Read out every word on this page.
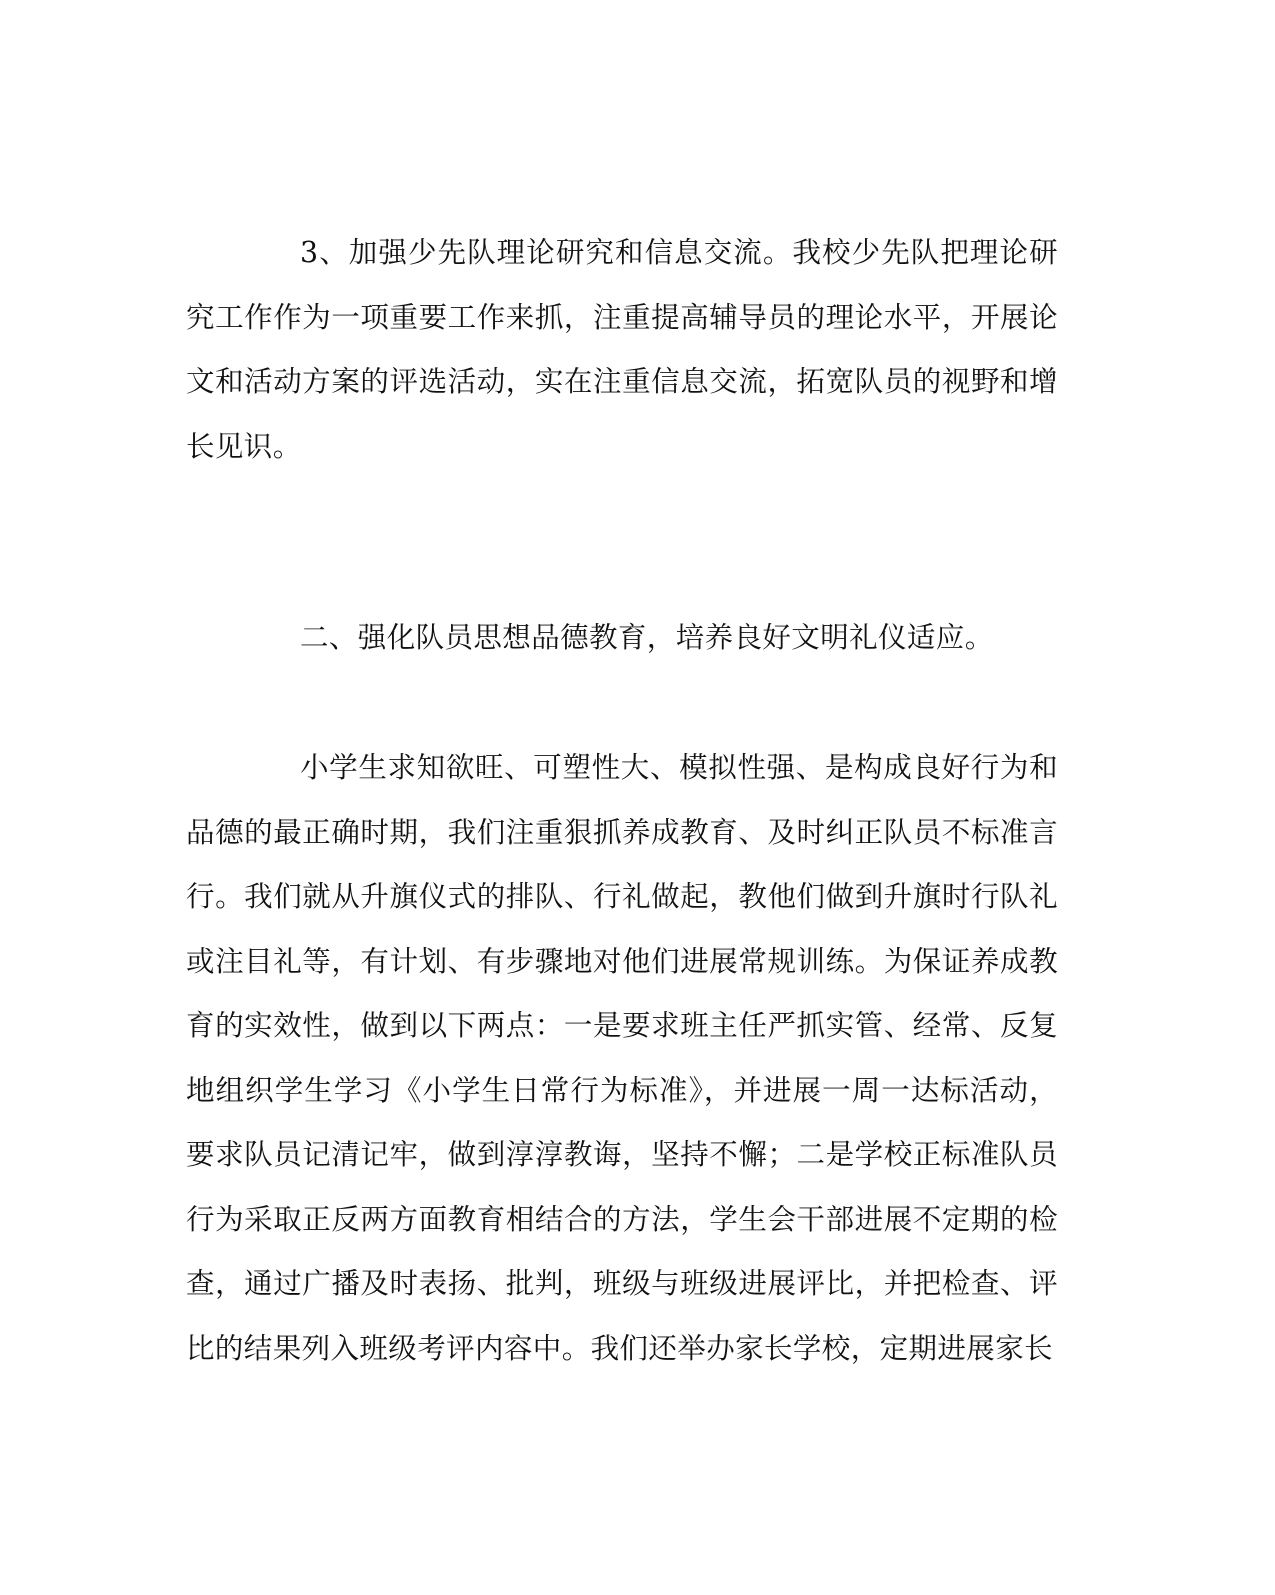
3、加强少先队理论研究和信息交流。我校少先队把理论研究工作作为一项重要工作来抓，注重提高辅导员的理论水平，开展论文和活动方案的评选活动，实在注重信息交流，拓宽队员的视野和增长见识。

二、强化队员思想品德教育，培养良好文明礼仪适应。

小学生求知欲旺、可塑性大、模拟性强、是构成良好行为和品德的最正确时期，我们注重狠抓养成教育、及时纠正队员不标准言行。我们就从升旗仪式的排队、行礼做起，教他们做到升旗时行队礼或注目礼等，有计划、有步骤地对他们进展常规训练。为保证养成教育的实效性，做到以下两点：一是要求班主任严抓实管、经常、反复地组织学生学习《小学生日常行为标准》，并进展一周一达标活动，要求队员记清记牢，做到淳淳教诲，坚持不懈；二是学校正标准队员行为采取正反两方面教育相结合的方法，学生会干部进展不定期的检查，通过广播及时表扬、批判，班级与班级进展评比，并把检查、评比的结果列入班级考评内容中。我们还举办家长学校，定期进展家长
